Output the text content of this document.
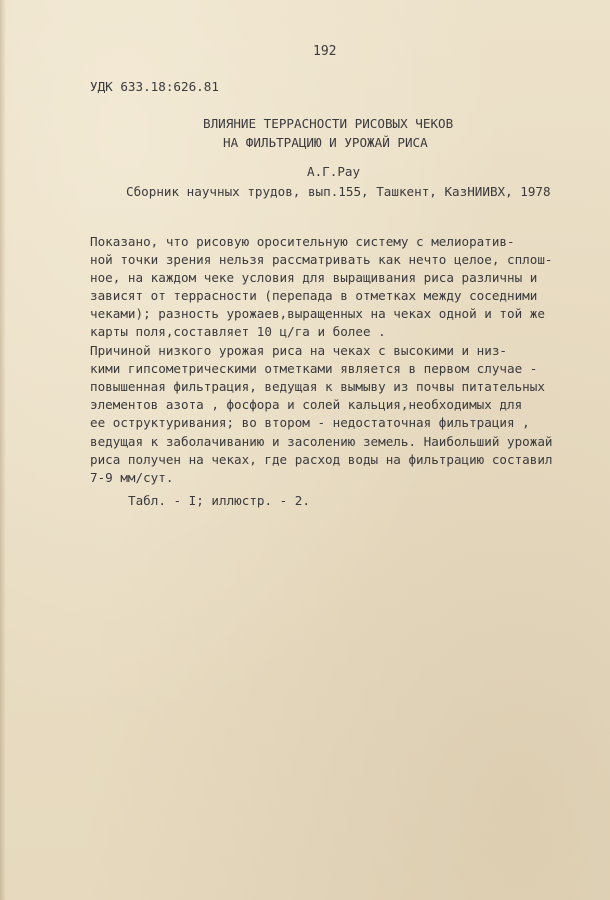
192
УДК 633.18:626.81
ВЛИЯНИЕ ТЕРРАСНОСТИ РИСОВЫХ ЧЕКОВ
НА ФИЛЬТРАЦИЮ И УРОЖАЙ РИСА
А.Г.Рау
Сборник научных трудов, вып.155, Ташкент, КазНИИВХ, 1978
Показано, что рисовую оросительную систему с мелиоратив-
ной точки зрения нельзя рассматривать как нечто целое, сплош-
ное, на каждом чеке условия для выращивания риса различны и
зависят от террасности (перепада в отметках между соседними
чеками); разность урожаев,выращенных на чеках одной и той же
карты поля,составляет 10 ц/га и более .
Причиной низкого урожая риса на чеках с высокими и низ-
кими гипсометрическими отметками является в первом случае -
повышенная фильтрация, ведущая к вымыву из почвы питательных
элементов азота , фосфора и солей кальция,необходимых для
ее оструктуривания; во втором - недостаточная фильтрация ,
ведущая к заболачиванию и засолению земель. Наибольший урожай
риса получен на чеках, где расход воды на фильтрацию составил
7-9 мм/сут.
Табл. - I; иллюстр. - 2.
